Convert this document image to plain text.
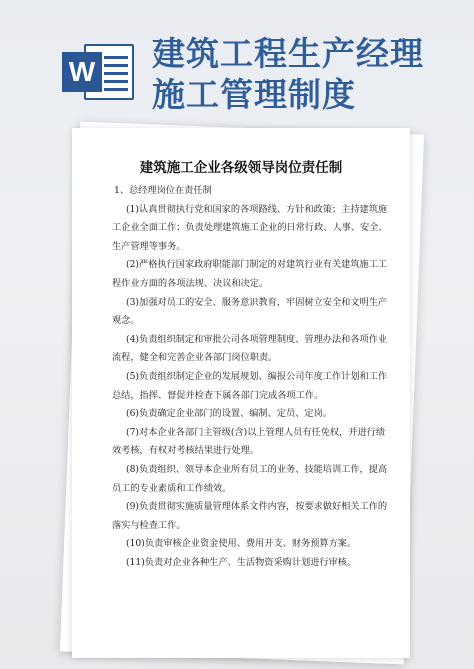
W 建筑工程生产经理
施工管理制度
建筑施工企业各级领导岗位责任制

1、总经理岗位在责任制

(1)认真贯彻执行党和国家的各项路线、方针和政策；主持建筑施工企业全面工作；负责处理建筑施工企业的日常行政、人事、安全、生产管理等事务。

(2)严格执行国家政府职能部门制定的对建筑行业有关建筑施工工程作业方面的各项法规、决议和决定。

(3)加强对员工的安全、服务意识教育，牢固树立安全和文明生产观念。

(4)负责组织制定和审批公司各项管理制度、管理办法和各项作业流程，健全和完善企业各部门岗位职责。

(5)负责组织制定企业的发展规划、编报公司年度工作计划和工作总结，指挥、督促并检查下属各部门完成各项工作。

(6)负责确定企业部门的设置、编制、定员、定岗。

(7)对本企业各部门主管级(含)以上管理人员有任免权，并进行绩效考核，有权对考核结果进行处理。

(8)负责组织、领导本企业所有员工的业务、技能培训工作，提高员工的专业素质和工作绩效。

(9)负责贯彻实施质量管理体系文件内容，按要求做好相关工作的落实与检查工作。

(10)负责审核企业资金使用、费用开支、财务预算方案。

(11)负责对企业各种生产、生活物资采购计划进行审核。
